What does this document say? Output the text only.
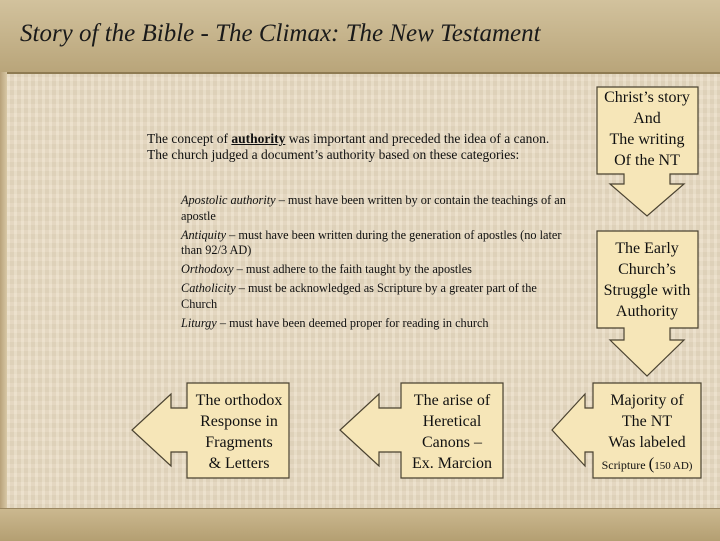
Story of the Bible - The Climax: The New Testament
The concept of authority was important and preceded the idea of a canon. The church judged a document’s authority based on these categories:

Apostolic authority – must have been written by or contain the teachings of an apostle

Antiquity – must have been written during the generation of apostles (no later than 92/3 AD)

Orthodoxy – must adhere to the faith taught by the apostles

Catholicity – must be acknowledged as Scripture by a greater part of the Church

Liturgy – must have been deemed proper for reading in church

Christ’s story
And
The writing
Of the NT
The Early
Church’s
Struggle with
Authority
Majority of
The NT
Was labeled
Scripture (150 AD)
The arise of
Heretical
Canons –
Ex. Marcion
The orthodox
Response in
Fragments
& Letters
